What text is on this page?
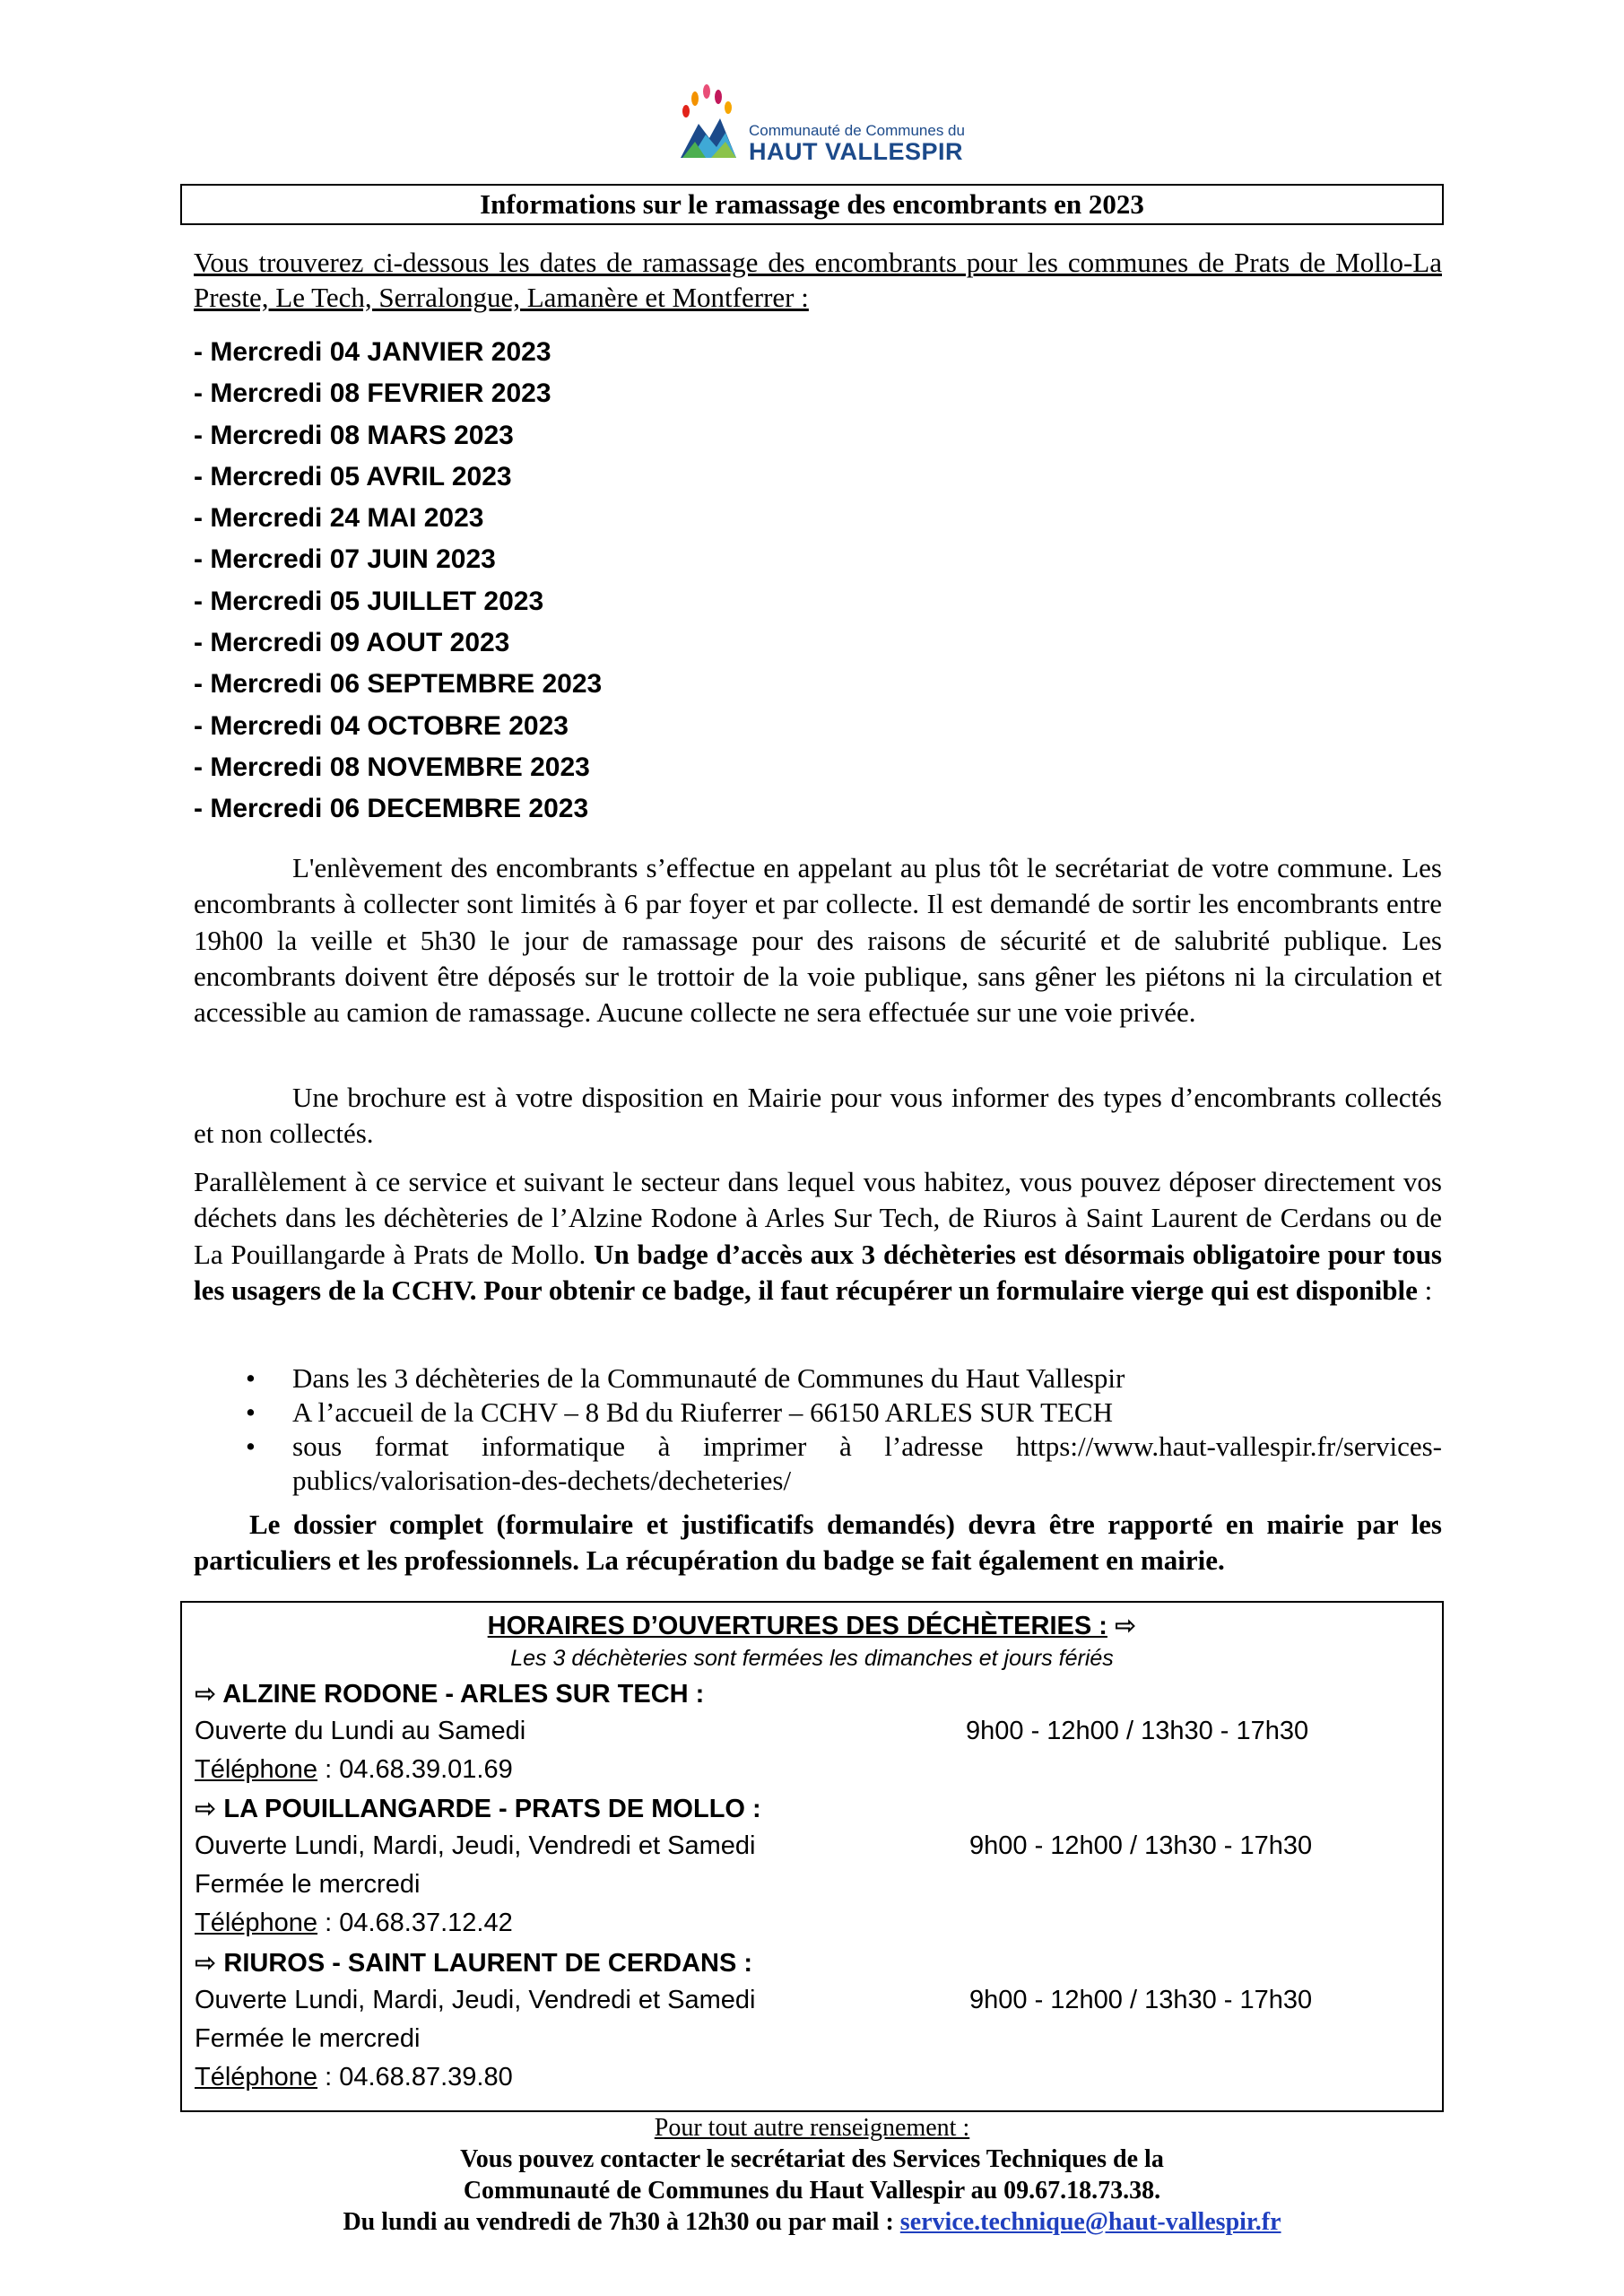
Communauté de Communes du
HAUT VALLESPIR
Informations sur le ramassage des encombrants en 2023
Vous trouverez ci-dessous les dates de ramassage des encombrants pour les communes de Prats de Mollo-La Preste, Le Tech, Serralongue, Lamanère et Montferrer :
- Mercredi 04 JANVIER 2023
- Mercredi 08 FEVRIER 2023
- Mercredi 08 MARS 2023
- Mercredi 05 AVRIL 2023
- Mercredi 24 MAI 2023
- Mercredi 07 JUIN 2023
- Mercredi 05 JUILLET 2023
- Mercredi 09 AOUT 2023
- Mercredi 06 SEPTEMBRE 2023
- Mercredi 04 OCTOBRE 2023
- Mercredi 08 NOVEMBRE 2023
- Mercredi 06 DECEMBRE 2023

L'enlèvement des encombrants s’effectue en appelant au plus tôt le secrétariat de votre commune. Les encombrants à collecter sont limités à 6 par foyer et par collecte. Il est demandé de sortir les encombrants entre 19h00 la veille et 5h30 le jour de ramassage pour des raisons de sécurité et de salubrité publique. Les encombrants doivent être déposés sur le trottoir de la voie publique, sans gêner les piétons ni la circulation et accessible au camion de ramassage. Aucune collecte ne sera effectuée sur une voie privée.

Une brochure est à votre disposition en Mairie pour vous informer des types d’encombrants collectés et non collectés.

Parallèlement à ce service et suivant le secteur dans lequel vous habitez, vous pouvez déposer directement vos déchets dans les déchèteries de l’Alzine Rodone à Arles Sur Tech, de Riuros à Saint Laurent de Cerdans ou de La Pouillangarde à Prats de Mollo. Un badge d’accès aux 3 déchèteries est désormais obligatoire pour tous les usagers de la CCHV. Pour obtenir ce badge, il faut récupérer un formulaire vierge qui est disponible :

• Dans les 3 déchèteries de la Communauté de Communes du Haut Vallespir
• A l’accueil de la CCHV – 8 Bd du Riuferrer – 66150 ARLES SUR TECH
• sous format informatique à imprimer à l’adresse https://www.haut-vallespir.fr/services-publics/valorisation-des-dechets/decheteries/

Le dossier complet (formulaire et justificatifs demandés) devra être rapporté en mairie par les particuliers et les professionnels. La récupération du badge se fait également en mairie.

HORAIRES D’OUVERTURES DES DÉCHÈTERIES : ⇨
Les 3 déchèteries sont fermées les dimanches et jours fériés
⇨ ALZINE RODONE - ARLES SUR TECH :
Ouverte du Lundi au Samedi	9h00 - 12h00 / 13h30 - 17h30
Téléphone : 04.68.39.01.69
⇨ LA POUILLANGARDE - PRATS DE MOLLO :
Ouverte Lundi, Mardi, Jeudi, Vendredi et Samedi	9h00 - 12h00 / 13h30 - 17h30
Fermée le mercredi
Téléphone : 04.68.37.12.42
⇨ RIUROS - SAINT LAURENT DE CERDANS :
Ouverte Lundi, Mardi, Jeudi, Vendredi et Samedi	9h00 - 12h00 / 13h30 - 17h30
Fermée le mercredi
Téléphone : 04.68.87.39.80
Pour tout autre renseignement :
Vous pouvez contacter le secrétariat des Services Techniques de la
Communauté de Communes du Haut Vallespir au 09.67.18.73.38.
Du lundi au vendredi de 7h30 à 12h30 ou par mail : service.technique@haut-vallespir.fr
